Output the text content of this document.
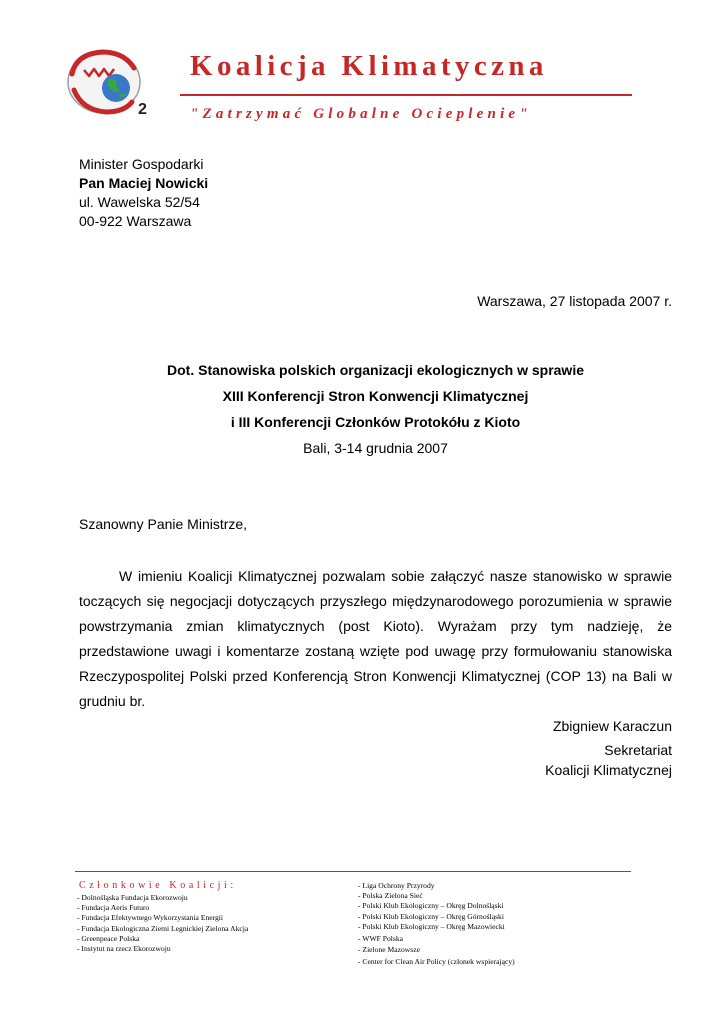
2
Koalicja Klimatyczna
"Zatrzymać Globalne Ocieplenie"
Minister Gospodarki
Pan Maciej Nowicki
ul. Wawelska 52/54
00-922 Warszawa
Warszawa, 27 listopada 2007 r.
Dot. Stanowiska polskich organizacji ekologicznych w sprawie
XIII Konferencji Stron Konwencji Klimatycznej
i III Konferencji Członków Protokółu z Kioto
Bali, 3-14 grudnia 2007
Szanowny Panie Ministrze,
W imieniu Koalicji Klimatycznej pozwalam sobie załączyć nasze stanowisko w sprawie toczących się negocjacji dotyczących przyszłego międzynarodowego porozumienia w sprawie powstrzymania zmian klimatycznych (post Kioto). Wyrażam przy tym nadzieję, że przedstawione uwagi i komentarze zostaną wzięte pod uwagę przy formułowaniu stanowiska Rzeczypospolitej Polski przed Konferencją Stron Konwencji Klimatycznej (COP 13) na Bali w grudniu br.
Zbigniew Karaczun
Sekretariat
Koalicji Klimatycznej
Członkowie Koalicji:
- Dolnośląska Fundacja Ekorozwoju
- Fundacja Aeris Futuro
- Fundacja Efektywnego Wykorzystania Energii
- Fundacja Ekologiczna Ziemi Legnickiej Zielona Akcja
- Greenpeace Polska
- Instytut na rzecz Ekorozwoju
- Liga Ochrony Przyrody
- Polska Zielona Sieć
- Polski Klub Ekologiczny – Okręg Dolnośląski
- Polski Klub Ekologiczny – Okręg Górnośląski
- Polski Klub Ekologiczny – Okręg Mazowiecki
- WWF Polska
- Zielone Mazowsze
- Center for Clean Air Policy (członek wspierający)
